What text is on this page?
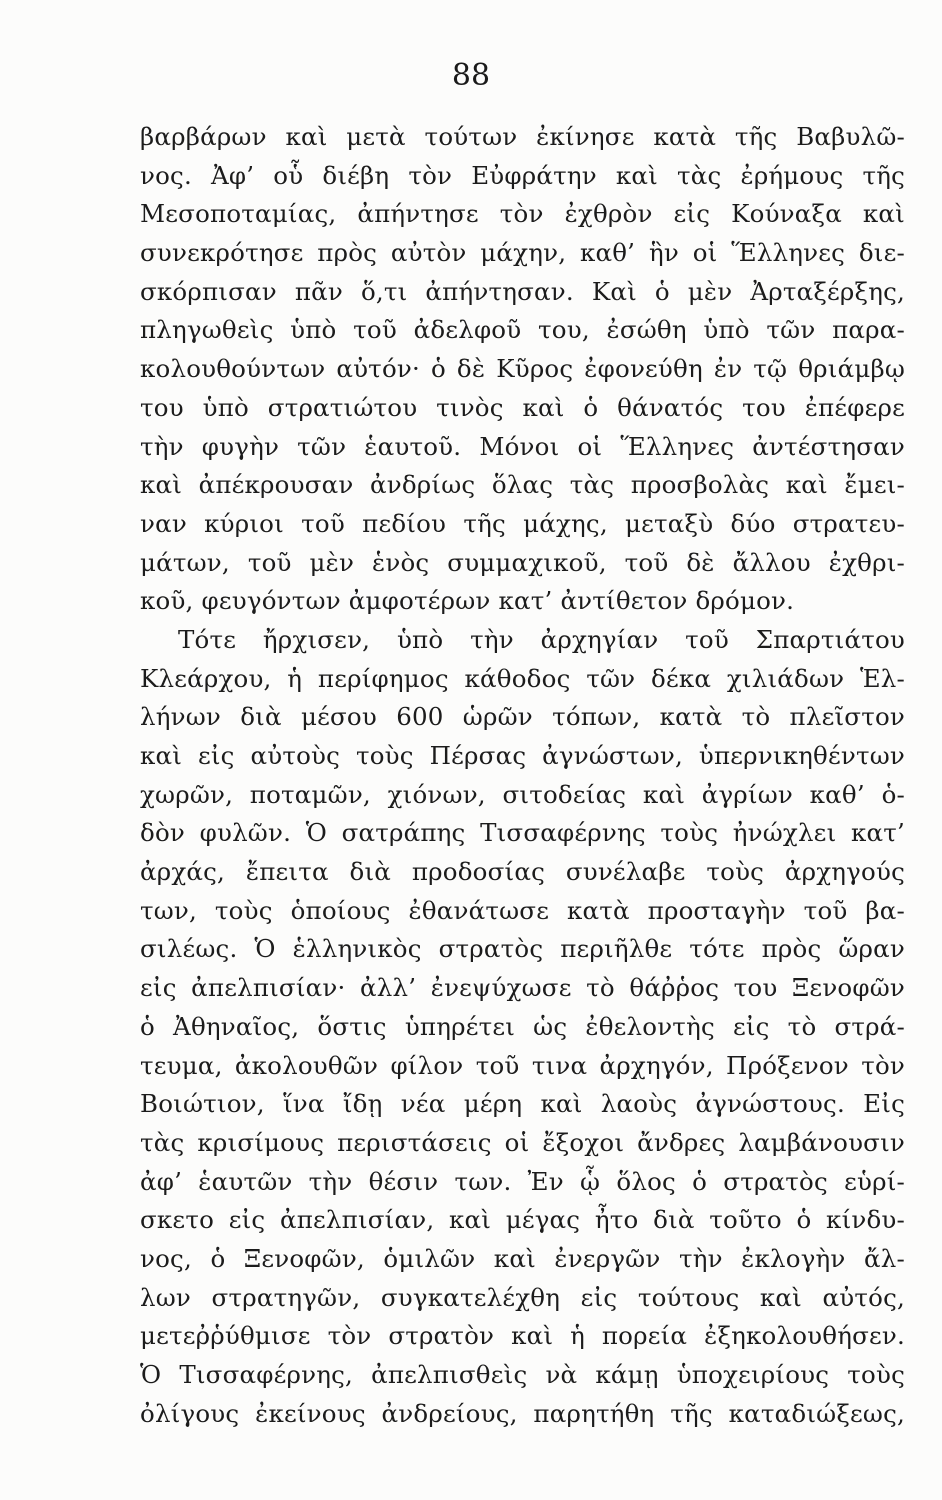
88
βαρβάρων καὶ μετὰ τούτων ἐκίνησε κατὰ τῆς Βαβυλῶ-
νος. Ἀφ’ οὗ διέβη τὸν Εὐφράτην καὶ τὰς ἐρήμους τῆς
Μεσοποταμίας, ἀπήντησε τὸν ἐχθρὸν εἰς Κούναξα καὶ
συνεκρότησε πρὸς αὐτὸν μάχην, καθ’ ἣν οἱ Ἕλληνες διε-
σκόρπισαν πᾶν ὅ,τι ἀπήντησαν. Καὶ ὁ μὲν Ἀρταξέρξης,
πληγωθεὶς ὑπὸ τοῦ ἀδελφοῦ του, ἐσώθη ὑπὸ τῶν παρα-
κολουθούντων αὐτόν· ὁ δὲ Κῦρος ἐφονεύθη ἐν τῷ θριάμβῳ
του ὑπὸ στρατιώτου τινὸς καὶ ὁ θάνατός του ἐπέφερε
τὴν φυγὴν τῶν ἑαυτοῦ. Μόνοι οἱ Ἕλληνες ἀντέστησαν
καὶ ἀπέκρουσαν ἀνδρίως ὅλας τὰς προσβολὰς καὶ ἔμει-
ναν κύριοι τοῦ πεδίου τῆς μάχης, μεταξὺ δύο στρατευ-
μάτων, τοῦ μὲν ἑνὸς συμμαχικοῦ, τοῦ δὲ ἄλλου ἐχθρι-
κοῦ, φευγόντων ἀμφοτέρων κατ’ ἀντίθετον δρόμον.
Τότε ἤρχισεν, ὑπὸ τὴν ἀρχηγίαν τοῦ Σπαρτιάτου
Κλεάρχου, ἡ περίφημος κάθοδος τῶν δέκα χιλιάδων Ἑλ-
λήνων διὰ μέσου 600 ὡρῶν τόπων, κατὰ τὸ πλεῖστον
καὶ εἰς αὐτοὺς τοὺς Πέρσας ἀγνώστων, ὑπερνικηθέντων
χωρῶν, ποταμῶν, χιόνων, σιτοδείας καὶ ἀγρίων καθ’ ὁ-
δὸν φυλῶν. Ὁ σατράπης Τισσαφέρνης τοὺς ἠνώχλει κατ’
ἀρχάς, ἔπειτα διὰ προδοσίας συνέλαβε τοὺς ἀρχηγούς
των, τοὺς ὁποίους ἐθανάτωσε κατὰ προσταγὴν τοῦ βα-
σιλέως. Ὁ ἑλληνικὸς στρατὸς περιῆλθε τότε πρὸς ὥραν
εἰς ἀπελπισίαν· ἀλλ’ ἐνεψύχωσε τὸ θάῤῥος του Ξενοφῶν
ὁ Ἀθηναῖος, ὅστις ὑπηρέτει ὡς ἐθελοντὴς εἰς τὸ στρά-
τευμα, ἀκολουθῶν φίλον τοῦ τινα ἀρχηγόν, Πρόξενον τὸν
Βοιώτιον, ἵνα ἴδῃ νέα μέρη καὶ λαοὺς ἀγνώστους. Εἰς
τὰς κρισίμους περιστάσεις οἱ ἔξοχοι ἄνδρες λαμβάνουσιν
ἀφ’ ἑαυτῶν τὴν θέσιν των. Ἐν ᾧ ὅλος ὁ στρατὸς εὑρί-
σκετο εἰς ἀπελπισίαν, καὶ μέγας ἦτο διὰ τοῦτο ὁ κίνδυ-
νος, ὁ Ξενοφῶν, ὁμιλῶν καὶ ἐνεργῶν τὴν ἐκλογὴν ἄλ-
λων στρατηγῶν, συγκατελέχθη εἰς τούτους καὶ αὐτός,
μετεῤῥύθμισε τὸν στρατὸν καὶ ἡ πορεία ἐξηκολουθήσεν.
Ὁ Τισσαφέρνης, ἀπελπισθεὶς νὰ κάμῃ ὑποχειρίους τοὺς
ὀλίγους ἐκείνους ἀνδρείους, παρητήθη τῆς καταδιώξεως,
